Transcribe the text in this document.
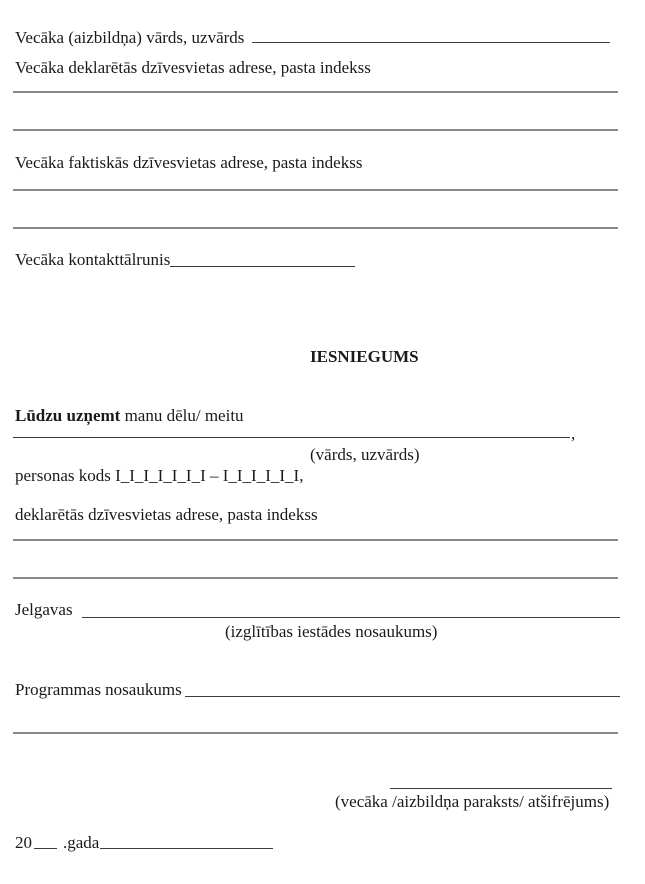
Vecāka (aizbildņa) vārds, uzvārds
Vecāka deklarētās dzīvesvietas adrese, pasta indekss
Vecāka faktiskās dzīvesvietas adrese, pasta indekss
Vecāka kontakttālrunis
IESNIEGUMS
Lūdzu uzņemt manu dēlu/ meitu
,
(vārds, uzvārds)
personas kods I_I_I_I_I_I_I – I_I_I_I_I_I,
deklarētās dzīvesvietas adrese, pasta indekss
Jelgavas
(izglītības iestādes nosaukums)
Programmas nosaukums
(vecāka /aizbildņa paraksts/ atšifrējums)
20 .gada
